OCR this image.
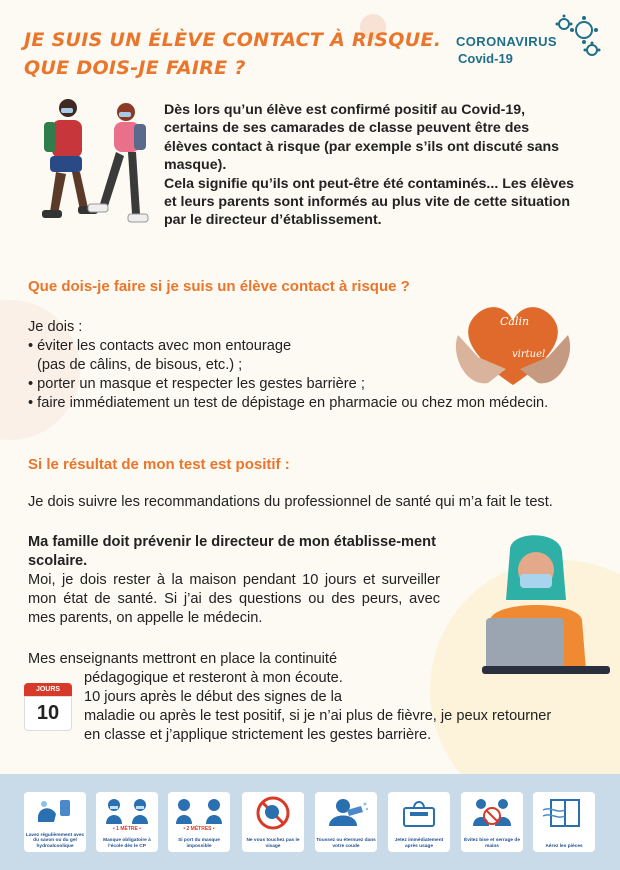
JE SUIS UN ÉLÈVE CONTACT À RISQUE.
QUE DOIS-JE FAIRE ?
CORONAVIRUS
Covid-19
Dès lors qu’un élève est confirmé positif au Covid-19, certains de ses camarades de classe peuvent être des élèves contact à risque (par exemple s’ils ont discuté sans masque).
Cela signifie qu’ils ont peut-être été contaminés... Les élèves et leurs parents sont informés au plus vite de cette situation par le directeur d’établissement.
Que dois-je faire si je suis un élève contact à risque ?

Je dois :

• éviter les contacts avec mon entourage

(pas de câlins, de bisous, etc.) ;

• porter un masque et respecter les gestes barrière ;

• faire immédiatement un test de dépistage en pharmacie ou chez mon médecin.

Câlin
virtuel
Si le résultat de mon test est positif :
Je dois suivre les recommandations du professionnel de santé qui m’a fait le test.
Ma famille doit prévenir le directeur de mon établisse-ment scolaire.
Moi, je dois rester à la maison pendant 10 jours et surveiller mon état de santé. Si j’ai des questions ou des peurs, avec mes parents, on appelle le médecin.
Mes enseignants mettront en place la continuité
pédagogique et resteront à mon écoute.
10 jours après le début des signes de la
maladie ou après le test positif, si je n’ai plus de fièvre, je peux retourner en classe et j’applique strictement les gestes barrière.
JOURS
10
Lavez régulièrement avec du savon ou du gel hydroalcoolique
• 1 MÈTRE •
Masque obligatoire à l’école dès le CP
• 2 MÈTRES •
Si port du masque impossible
Ne vous touchez pas le visage
Toussez ou éternuez dans votre coude
Jetez immédiatement après usage
Évitez bise et serrage de mains	Aérez les pièces
